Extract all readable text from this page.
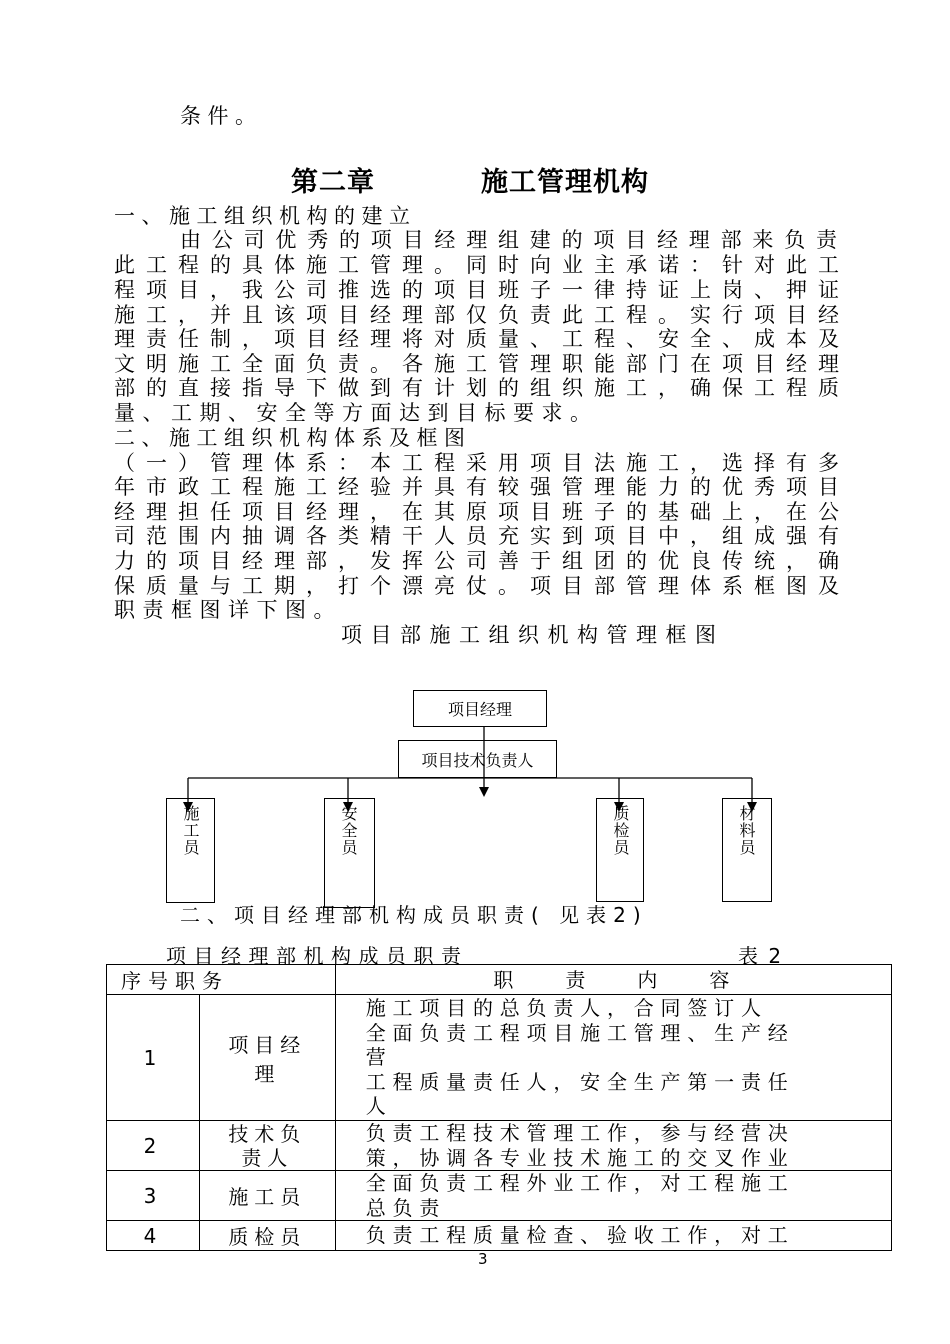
条件。
第二章	施工管理机构
一、施工组织机构的建立
由公司优秀的项目经理组建的项目经理部来负责
此工程的具体施工管理。同时向业主承诺：针对此工
程项目，我公司推选的项目班子一律持证上岗、押证
施工，并且该项目经理部仅负责此工程。实行项目经
理责任制，项目经理将对质量、工程、安全、成本及
文明施工全面负责。各施工管理职能部门在项目经理
部的直接指导下做到有计划的组织施工，确保工程质
量、工期、安全等方面达到目标要求。
二、施工组织机构体系及框图
（一）管理体系：本工程采用项目法施工，选择有多
年市政工程施工经验并具有较强管理能力的优秀项目
经理担任项目经理，在其原项目班子的基础上，在公
司范围内抽调各类精干人员充实到项目中，组成强有
力的项目经理部，发挥公司善于组团的优良传统，确
保质量与工期，打个漂亮仗。项目部管理体系框图及
职责框图详下图。
项目部施工组织机构管理框图
项目经理
项目技术负责人
施工员	安全员	质检员	材料员
二、项目经理部机构成员职责( 见表2)
项目经理部机构成员职责	表 2
序号职务		职　　责　　内　　容
1	项目经理	施工项目的总负责人，合同签订人
全面负责工程项目施工管理、生产经
营
工程质量责任人，安全生产第一责任
人

2	技术负责人	负责工程技术管理工作，参与经营决
策，协调各专业技术施工的交叉作业

3	施工员	全面负责工程外业工作，对工程施工
总负责

4	质检员	负责工程质量检查、验收工作，对工
3
